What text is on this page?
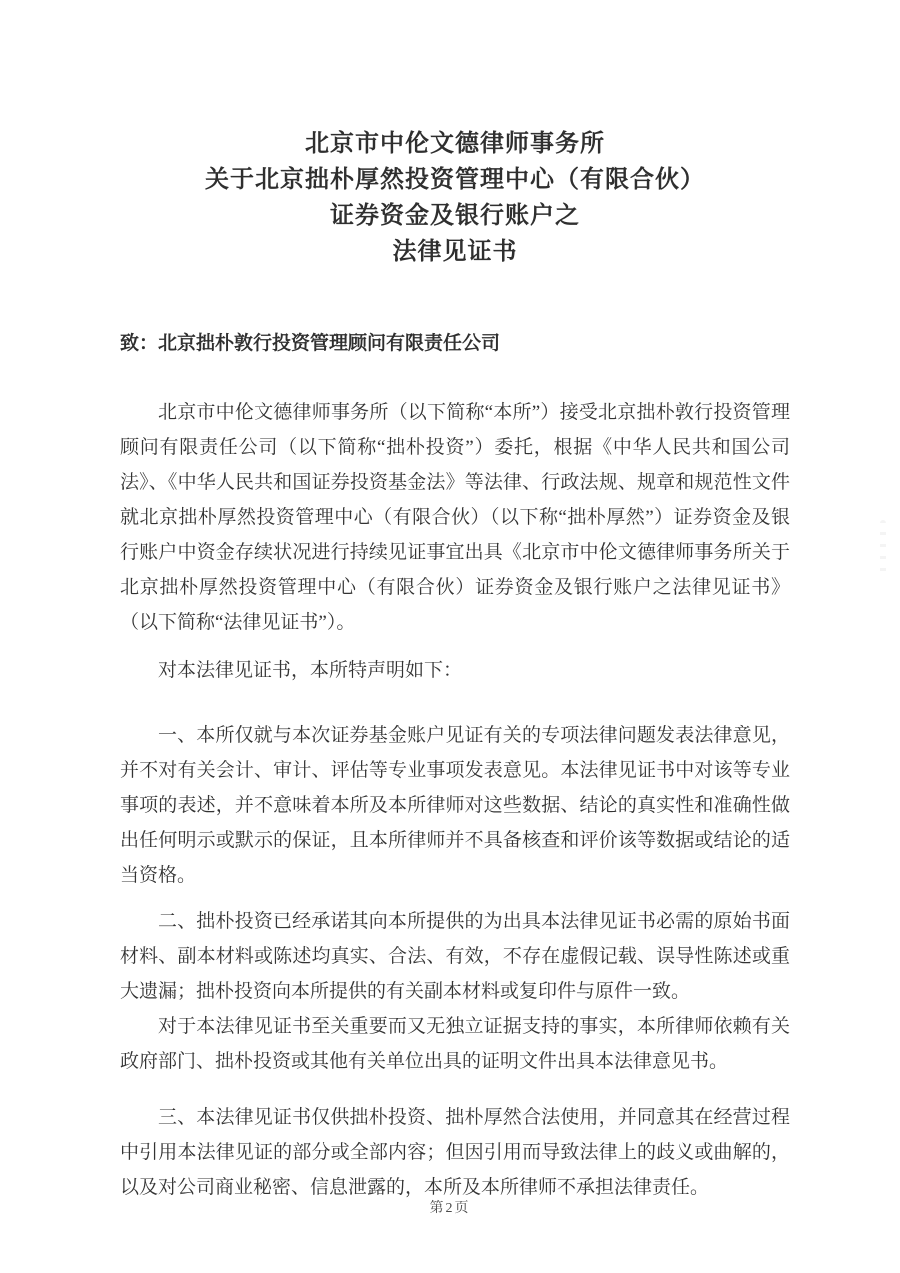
北京市中伦文德律师事务所

关于北京拙朴厚然投资管理中心（有限合伙）

证券资金及银行账户之

法律见证书

致：北京拙朴敦行投资管理顾问有限责任公司

北京市中伦文德律师事务所（以下简称“本所”）接受北京拙朴敦行投资管理顾问有限责任公司（以下简称“拙朴投资”）委托，根据《中华人民共和国公司法》、《中华人民共和国证券投资基金法》等法律、行政法规、规章和规范性文件就北京拙朴厚然投资管理中心（有限合伙）（以下称“拙朴厚然”）证券资金及银行账户中资金存续状况进行持续见证事宜出具《北京市中伦文德律师事务所关于北京拙朴厚然投资管理中心（有限合伙）证券资金及银行账户之法律见证书》（以下简称“法律见证书”）。

对本法律见证书，本所特声明如下：

一、本所仅就与本次证券基金账户见证有关的专项法律问题发表法律意见，并不对有关会计、审计、评估等专业事项发表意见。本法律见证书中对该等专业事项的表述，并不意味着本所及本所律师对这些数据、结论的真实性和准确性做出任何明示或默示的保证，且本所律师并不具备核查和评价该等数据或结论的适当资格。

二、拙朴投资已经承诺其向本所提供的为出具本法律见证书必需的原始书面材料、副本材料或陈述均真实、合法、有效，不存在虚假记载、误导性陈述或重大遗漏；拙朴投资向本所提供的有关副本材料或复印件与原件一致。

对于本法律见证书至关重要而又无独立证据支持的事实，本所律师依赖有关政府部门、拙朴投资或其他有关单位出具的证明文件出具本法律意见书。

三、本法律见证书仅供拙朴投资、拙朴厚然合法使用，并同意其在经营过程中引用本法律见证的部分或全部内容；但因引用而导致法律上的歧义或曲解的，以及对公司商业秘密、信息泄露的，本所及本所律师不承担法律责任。

第2页
